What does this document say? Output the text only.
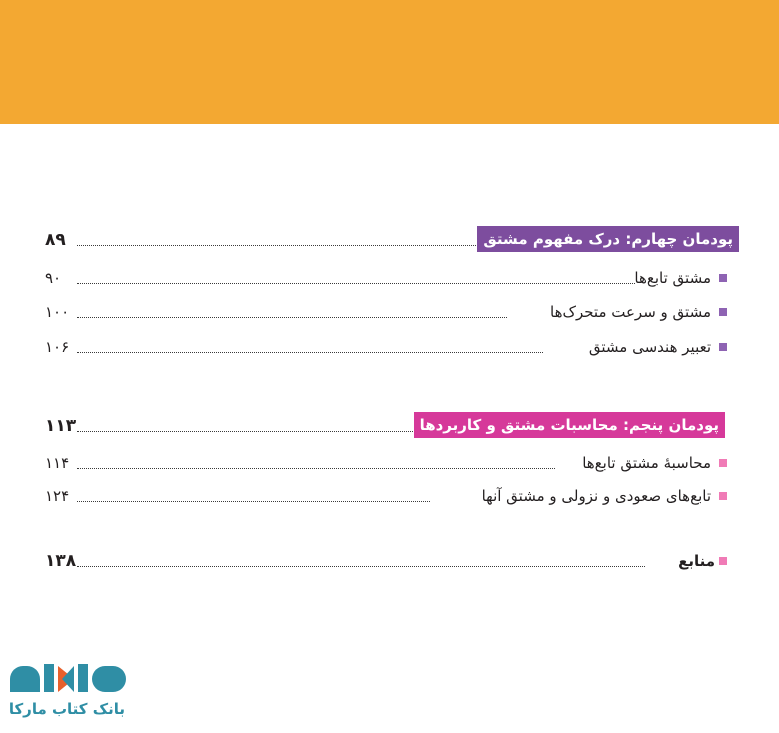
۸۹	پودمان چهارم: درک مفهوم مشتق
۹۰	مشتق تابع‌ها
۱۰۰	مشتق و سرعت متحرک‌ها
۱۰۶	تعبیر هندسی مشتق
۱۱۳	پودمان پنجم: محاسبات مشتق و کاربردها
۱۱۴	محاسبهٔ مشتق تابع‌ها
۱۲۴	تابع‌های صعودی و نزولی و مشتق آنها
۱۳۸	منابع
بانک کتاب مارکا
